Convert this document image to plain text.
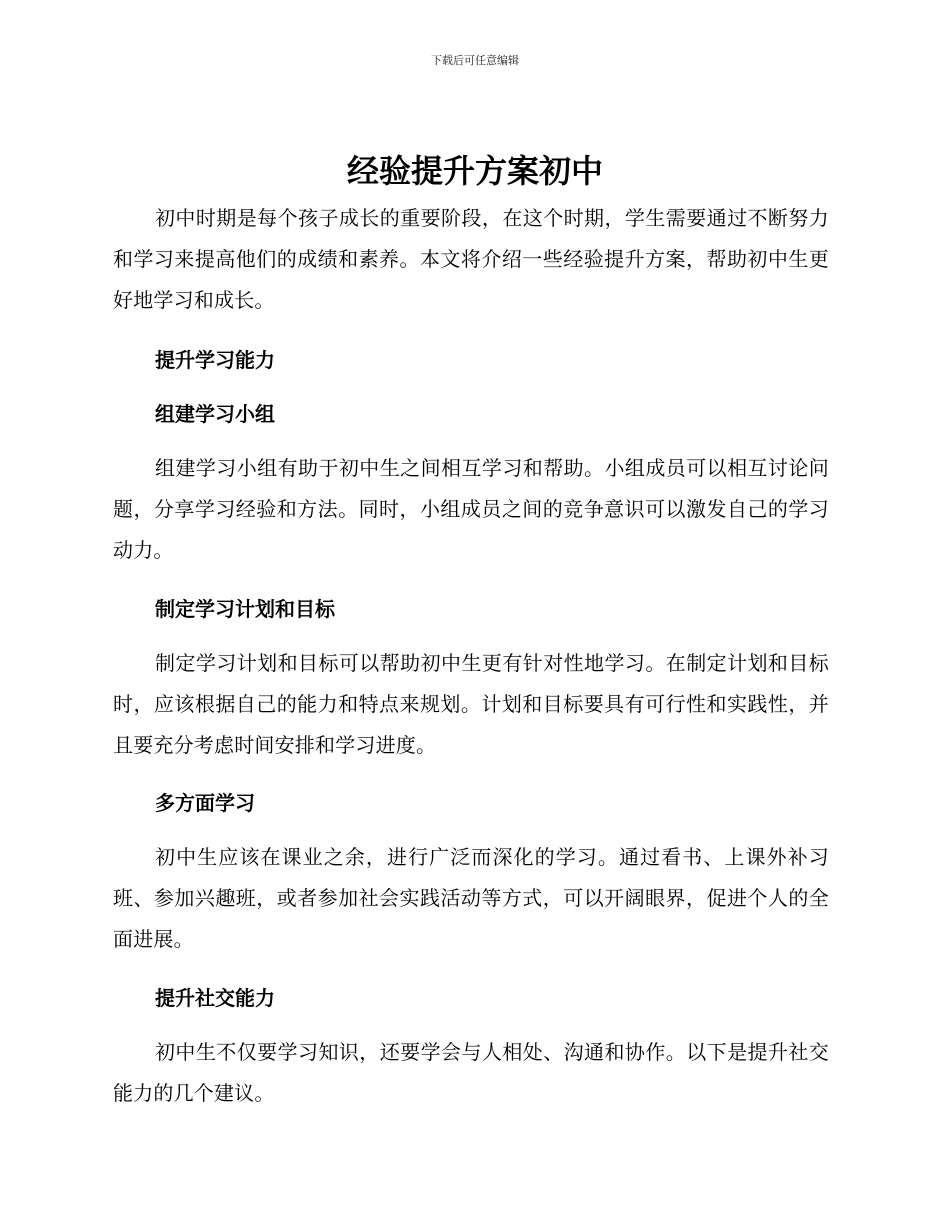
下载后可任意编辑
经验提升方案初中

初中时期是每个孩子成长的重要阶段，在这个时期，学生需要通过不断努力和学习来提高他们的成绩和素养。本文将介绍一些经验提升方案，帮助初中生更好地学习和成长。

提升学习能力
组建学习小组

组建学习小组有助于初中生之间相互学习和帮助。小组成员可以相互讨论问题，分享学习经验和方法。同时，小组成员之间的竞争意识可以激发自己的学习动力。

制定学习计划和目标

制定学习计划和目标可以帮助初中生更有针对性地学习。在制定计划和目标时，应该根据自己的能力和特点来规划。计划和目标要具有可行性和实践性，并且要充分考虑时间安排和学习进度。

多方面学习

初中生应该在课业之余，进行广泛而深化的学习。通过看书、上课外补习班、参加兴趣班，或者参加社会实践活动等方式，可以开阔眼界，促进个人的全面进展。

提升社交能力

初中生不仅要学习知识，还要学会与人相处、沟通和协作。以下是提升社交能力的几个建议。
